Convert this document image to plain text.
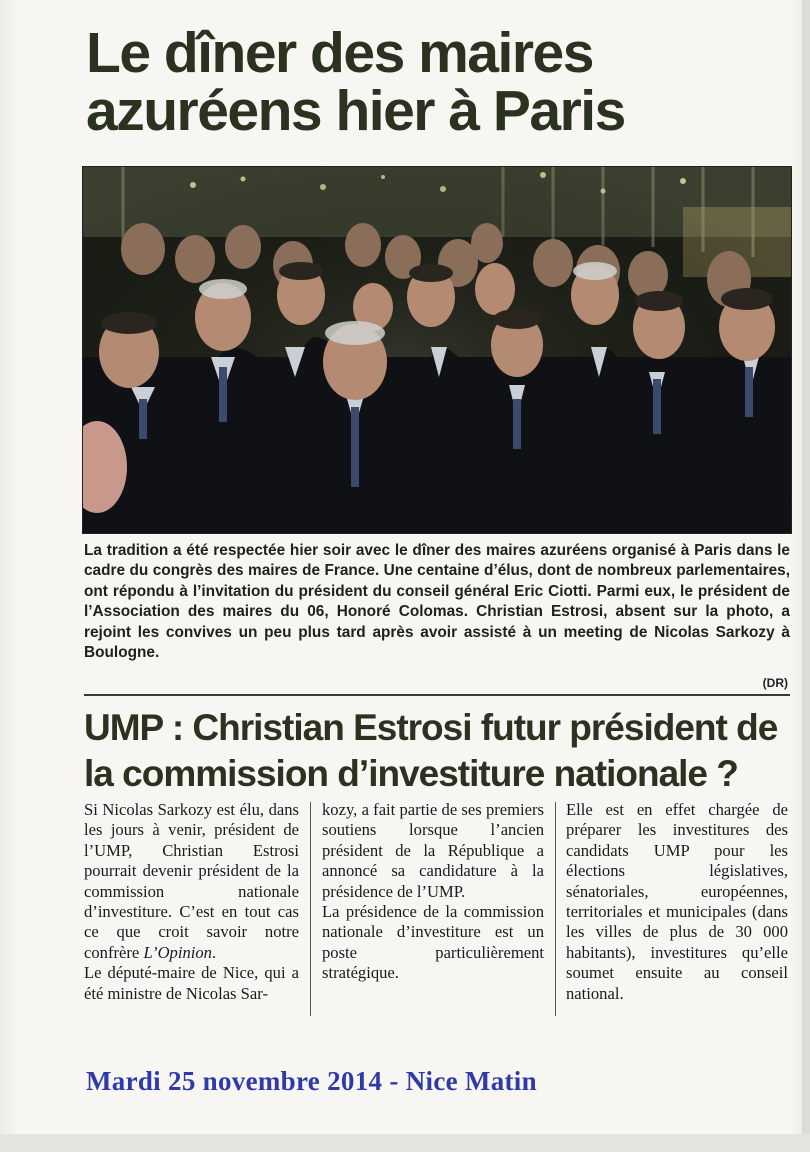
Le dîner des maires azuréens hier à Paris

La tradition a été respectée hier soir avec le dîner des maires azuréens organisé à Paris dans le cadre du congrès des maires de France. Une centaine d’élus, dont de nombreux parlementaires, ont répondu à l’invitation du président du conseil général Eric Ciotti. Parmi eux, le président de l’Association des maires du 06, Honoré Colomas. Christian Estrosi, absent sur la photo, a rejoint les convives un peu plus tard après avoir assisté à un meeting de Nicolas Sarkozy à Boulogne.

(DR)
UMP : Christian Estrosi futur président de la commission d’investiture nationale ?

Si Nicolas Sarkozy est élu, dans les jours à venir, président de l’UMP, Christian Estrosi pourrait devenir président de la commission nationale d’investiture. C’est en tout cas ce que croit savoir notre confrère L’Opinion.

Le député-maire de Nice, qui a été ministre de Nicolas Sar-

kozy, a fait partie de ses premiers soutiens lorsque l’ancien président de la République a annoncé sa candidature à la présidence de l’UMP.

La présidence de la commission nationale d’investiture est un poste particulièrement stratégique.

Elle est en effet chargée de préparer les investitures des candidats UMP pour les élections législatives, sénatoriales, européennes, territoriales et municipales (dans les villes de plus de 30 000 habitants), investitures qu’elle soumet ensuite au conseil national.

Mardi 25 novembre 2014 - Nice Matin
